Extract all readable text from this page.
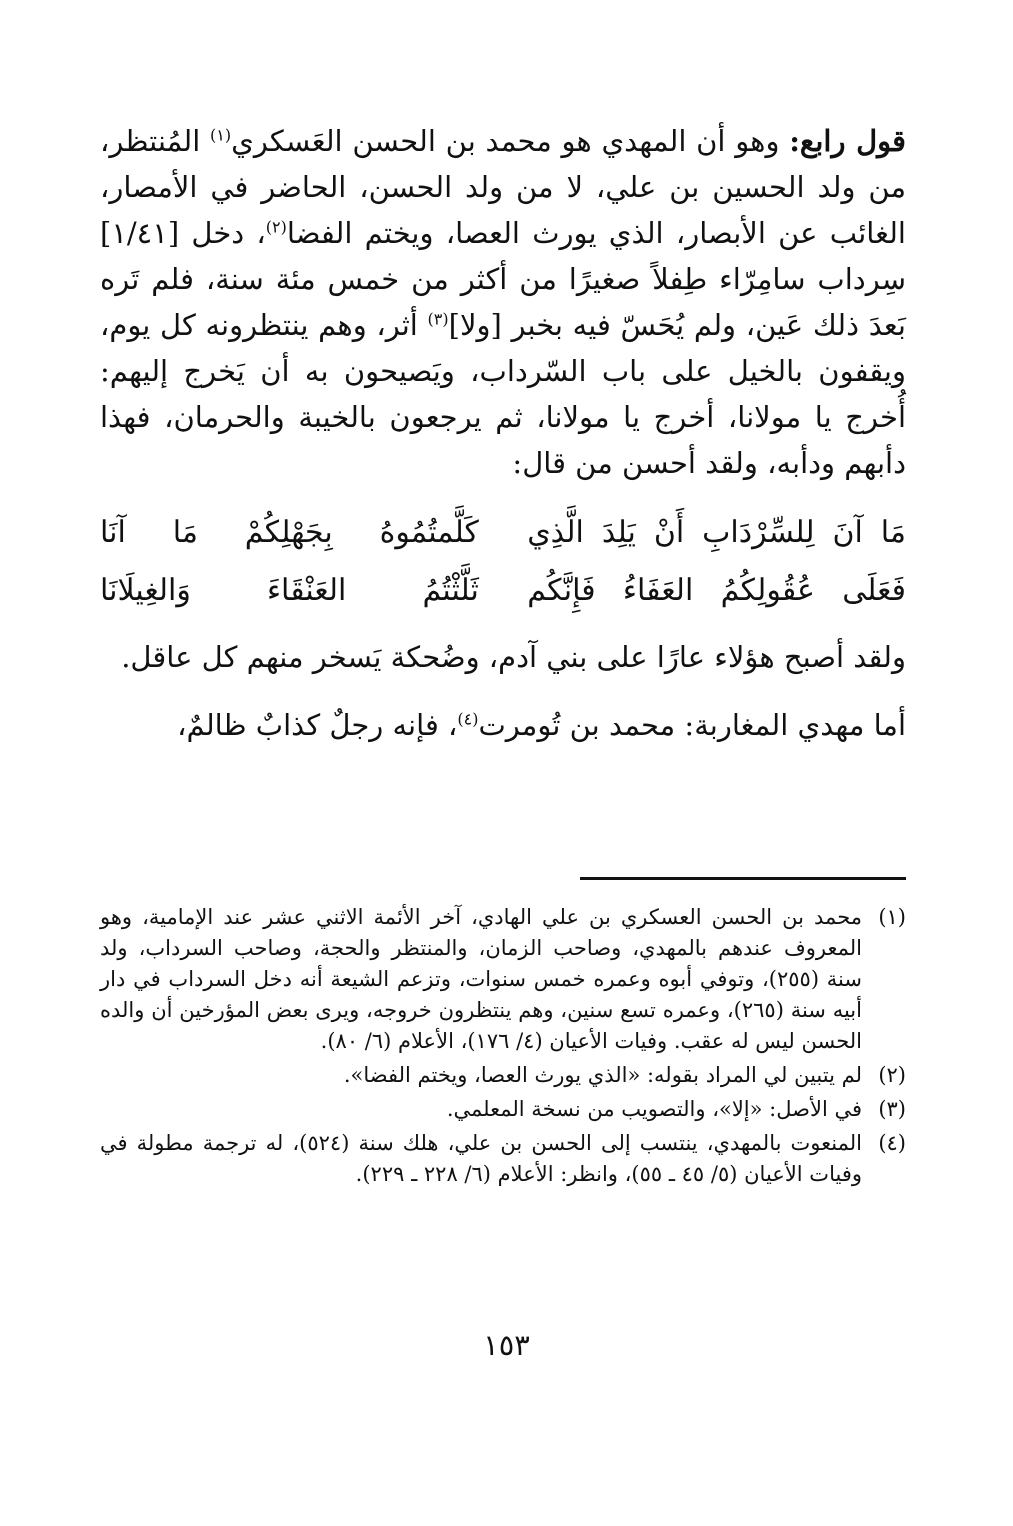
قول رابع: وهو أن المهدي هو محمد بن الحسن العَسكري$^{(١)}$ المُنتظر، من ولد الحسين بن علي، لا من ولد الحسن، الحاضر في الأمصار، الغائب عن الأبصار، الذي يورث العصا، ويختم الفضا$^{(٢)}$، دخل [١/٤١] سِرداب سامِرّاء طِفلاً صغيرًا من أكثر من خمس مئة سنة، فلم تَره بَعدَ ذلك عَين، ولم يُحَسّ فيه بخبر [ولا]$^{(٣)}$ أثر، وهم ينتظرونه كل يوم، ويقفون بالخيل على باب السّرداب، ويَصيحون به أن يَخرج إليهم: أُخرج يا مولانا، أخرج يا مولانا، ثم يرجعون بالخيبة والحرمان، فهذا دأبهم ودأبه، ولقد أحسن من قال:

مَا آنَ لِلسِّرْدَابِ أَنْ يَلِدَ الَّذِي
كَلَّمتُمُوهُ بِجَهْلِكُمْ مَا آنَا
فَعَلَى عُقُولِكُمُ العَفَاءُ فَإِنَّكُم
ثَلَّثْتُمُ العَنْقَاءَ وَالغِيلَانَا

ولقد أصبح هؤلاء عارًا على بني آدم، وضُحكة يَسخر منهم كل عاقل.

أما مهدي المغاربة: محمد بن تُومرت$^{(٤)}$، فإنه رجلٌ كذابٌ ظالمٌ،

(١)
محمد بن الحسن العسكري بن علي الهادي، آخر الأئمة الاثني عشر عند الإمامية، وهو المعروف عندهم بالمهدي، وصاحب الزمان، والمنتظر والحجة، وصاحب السرداب، ولد سنة (٢٥٥)، وتوفي أبوه وعمره خمس سنوات، وتزعم الشيعة أنه دخل السرداب في دار أبيه سنة (٢٦٥)، وعمره تسع سنين، وهم ينتظرون خروجه، ويرى بعض المؤرخين أن والده الحسن ليس له عقب. وفيات الأعيان (٤/ ١٧٦)، الأعلام (٦/ ٨٠).
(٢)
لم يتبين لي المراد بقوله: «الذي يورث العصا، ويختم الفضا».
(٣)
في الأصل: «إلا»، والتصويب من نسخة المعلمي.
(٤)
المنعوت بالمهدي، ينتسب إلى الحسن بن علي، هلك سنة (٥٢٤)، له ترجمة مطولة في وفيات الأعيان (٥/ ٤٥ ـ ٥٥)، وانظر: الأعلام (٦/ ٢٢٨ ـ ٢٢٩).
١٥٣
